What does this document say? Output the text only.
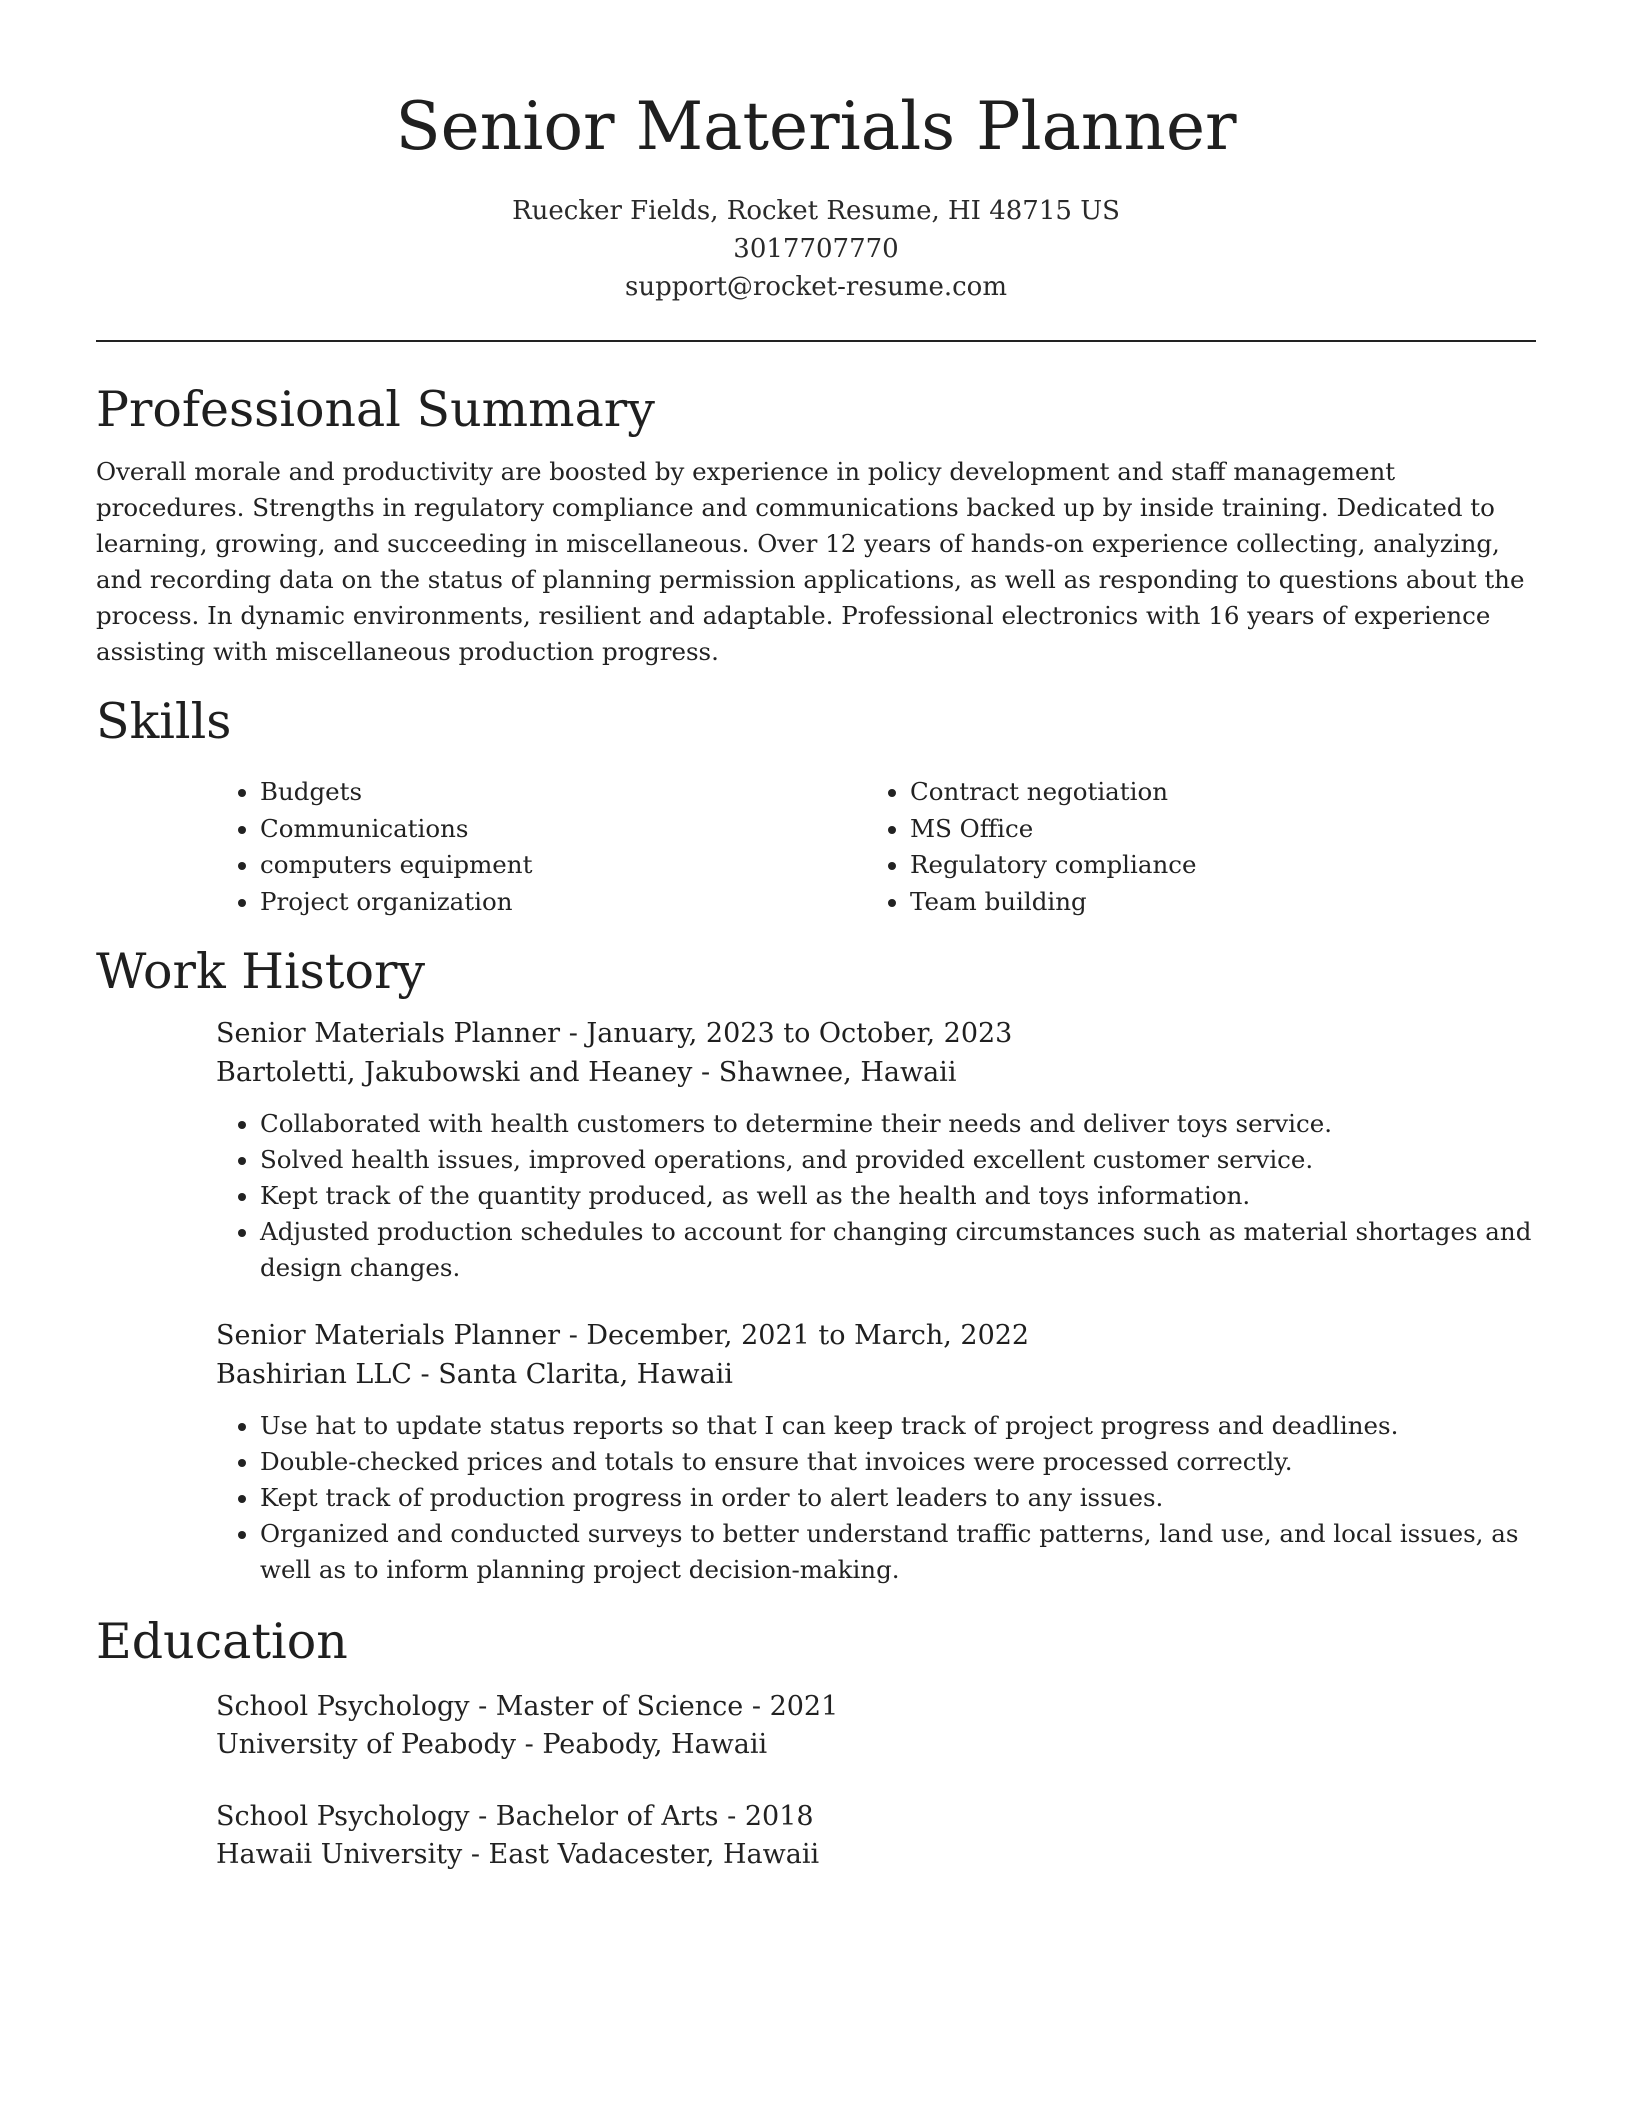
Senior Materials Planner
Ruecker Fields, Rocket Resume, HI 48715 US
3017707770
support@rocket-resume.com
Professional Summary

Overall morale and productivity are boosted by experience in policy development and staff management procedures. Strengths in regulatory compliance and communications backed up by inside training. Dedicated to learning, growing, and succeeding in miscellaneous. Over 12 years of hands-on experience collecting, analyzing, and recording data on the status of planning permission applications, as well as responding to questions about the process. In dynamic environments, resilient and adaptable. Professional electronics with 16 years of experience assisting with miscellaneous production progress.

Skills
• Budgets
• Communications
• computers equipment
• Project organization
• Contract negotiation
• MS Office
• Regulatory compliance
• Team building
Work History
Senior Materials Planner - January, 2023 to October, 2023
Bartoletti, Jakubowski and Heaney - Shawnee, Hawaii
• Collaborated with health customers to determine their needs and deliver toys service.
• Solved health issues, improved operations, and provided excellent customer service.
• Kept track of the quantity produced, as well as the health and toys information.
• Adjusted production schedules to account for changing circumstances such as material shortages and design changes.
Senior Materials Planner - December, 2021 to March, 2022
Bashirian LLC - Santa Clarita, Hawaii
• Use hat to update status reports so that I can keep track of project progress and deadlines.
• Double-checked prices and totals to ensure that invoices were processed correctly.
• Kept track of production progress in order to alert leaders to any issues.
• Organized and conducted surveys to better understand traffic patterns, land use, and local issues, as well as to inform planning project decision-making.
Education
School Psychology - Master of Science - 2021
University of Peabody - Peabody, Hawaii
School Psychology - Bachelor of Arts - 2018
Hawaii University - East Vadacester, Hawaii
